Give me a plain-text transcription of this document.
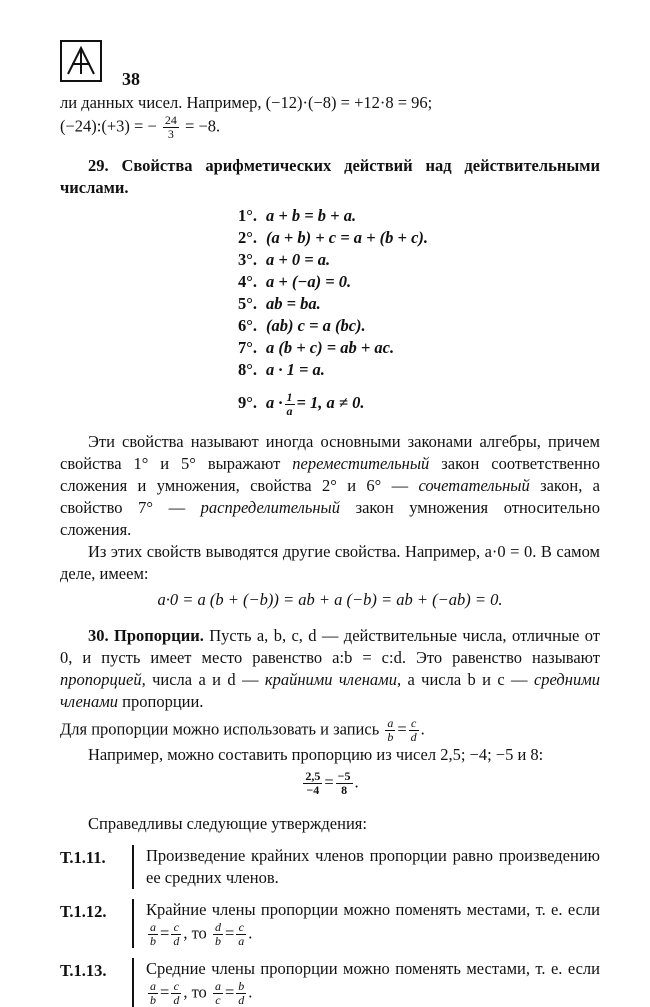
38

ли данных чисел. Например, (−12)·(−8) = +12·8 = 96;

(−24):(+3) = − $\frac{24}{3} = -8$.

29. Свойства арифметических действий над действительными числами.

1°. a + b = b + a.
2°. (a + b) + c = a + (b + c).
3°. a + 0 = a.
4°. a + (−a) = 0.
5°. ab = ba.
6°. (ab) c = a (bc).
7°. a (b + c) = ab + ac.
8°. a · 1 = a.
9°. $a \cdot \frac{1}{a} = 1$, a ≠ 0.

Эти свойства называют иногда основными законами алгебры, причем свойства 1° и 5° выражают переместительный закон соответственно сложения и умножения, свойства 2° и 6° — сочетательный закон, а свойство 7° — распределительный закон умножения относительно сложения.

Из этих свойств выводятся другие свойства. Например, a·0 = 0. В самом деле, имеем:

a·0 = a (b + (−b)) = ab + a (−b) = ab + (−ab) = 0.

30. Пропорции. Пусть a, b, c, d — действительные числа, отличные от 0, и пусть имеет место равенство a:b = c:d. Это равенство называют пропорцией, числа a и d — крайними членами, а числа b и c — средними членами пропорции.

Для пропорции можно использовать и запись $\frac{a}{b} = \frac{c}{d}$ .

Например, можно составить пропорцию из чисел 2,5; −4; −5 и 8:

$\frac{2,5}{-4} = \frac{-5}{8}$ .

Справедливы следующие утверждения:

Т.1.11.	Произведение крайних членов пропорции равно произведению ее средних членов.
Т.1.12.	Крайние члены пропорции можно поменять местами, т. е. если
$\frac{a}{b} = \frac{c}{d}$ , то $\frac{d}{b} = \frac{c}{a}$ .
Т.1.13.	Средние члены пропорции можно поменять местами, т. е. если
$\frac{a}{b} = \frac{c}{d}$ , то $\frac{a}{c} = \frac{b}{d}$ .
